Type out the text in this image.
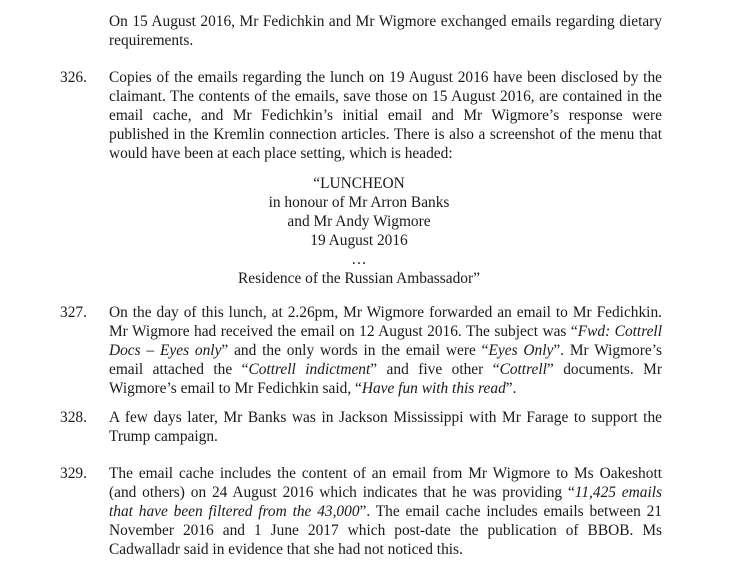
On 15 August 2016, Mr Fedichkin and Mr Wigmore exchanged emails regarding dietary requirements.

326. Copies of the emails regarding the lunch on 19 August 2016 have been disclosed by the claimant. The contents of the emails, save those on 15 August 2016, are contained in the email cache, and Mr Fedichkin’s initial email and Mr Wigmore’s response were published in the Kremlin connection articles. There is also a screenshot of the menu that would have been at each place setting, which is headed:

“LUNCHEON
in honour of Mr Arron Banks
and Mr Andy Wigmore
19 August 2016
…
Residence of the Russian Ambassador”

327. On the day of this lunch, at 2.26pm, Mr Wigmore forwarded an email to Mr Fedichkin. Mr Wigmore had received the email on 12 August 2016. The subject was “Fwd: Cottrell Docs – Eyes only” and the only words in the email were “Eyes Only”. Mr Wigmore’s email attached the “Cottrell indictment” and five other “Cottrell” documents. Mr Wigmore’s email to Mr Fedichkin said, “Have fun with this read”.

328. A few days later, Mr Banks was in Jackson Mississippi with Mr Farage to support the Trump campaign.

329. The email cache includes the content of an email from Mr Wigmore to Ms Oakeshott (and others) on 24 August 2016 which indicates that he was providing “11,425 emails that have been filtered from the 43,000”. The email cache includes emails between 21 November 2016 and 1 June 2017 which post-date the publication of BBOB. Ms Cadwalladr said in evidence that she had not noticed this.
